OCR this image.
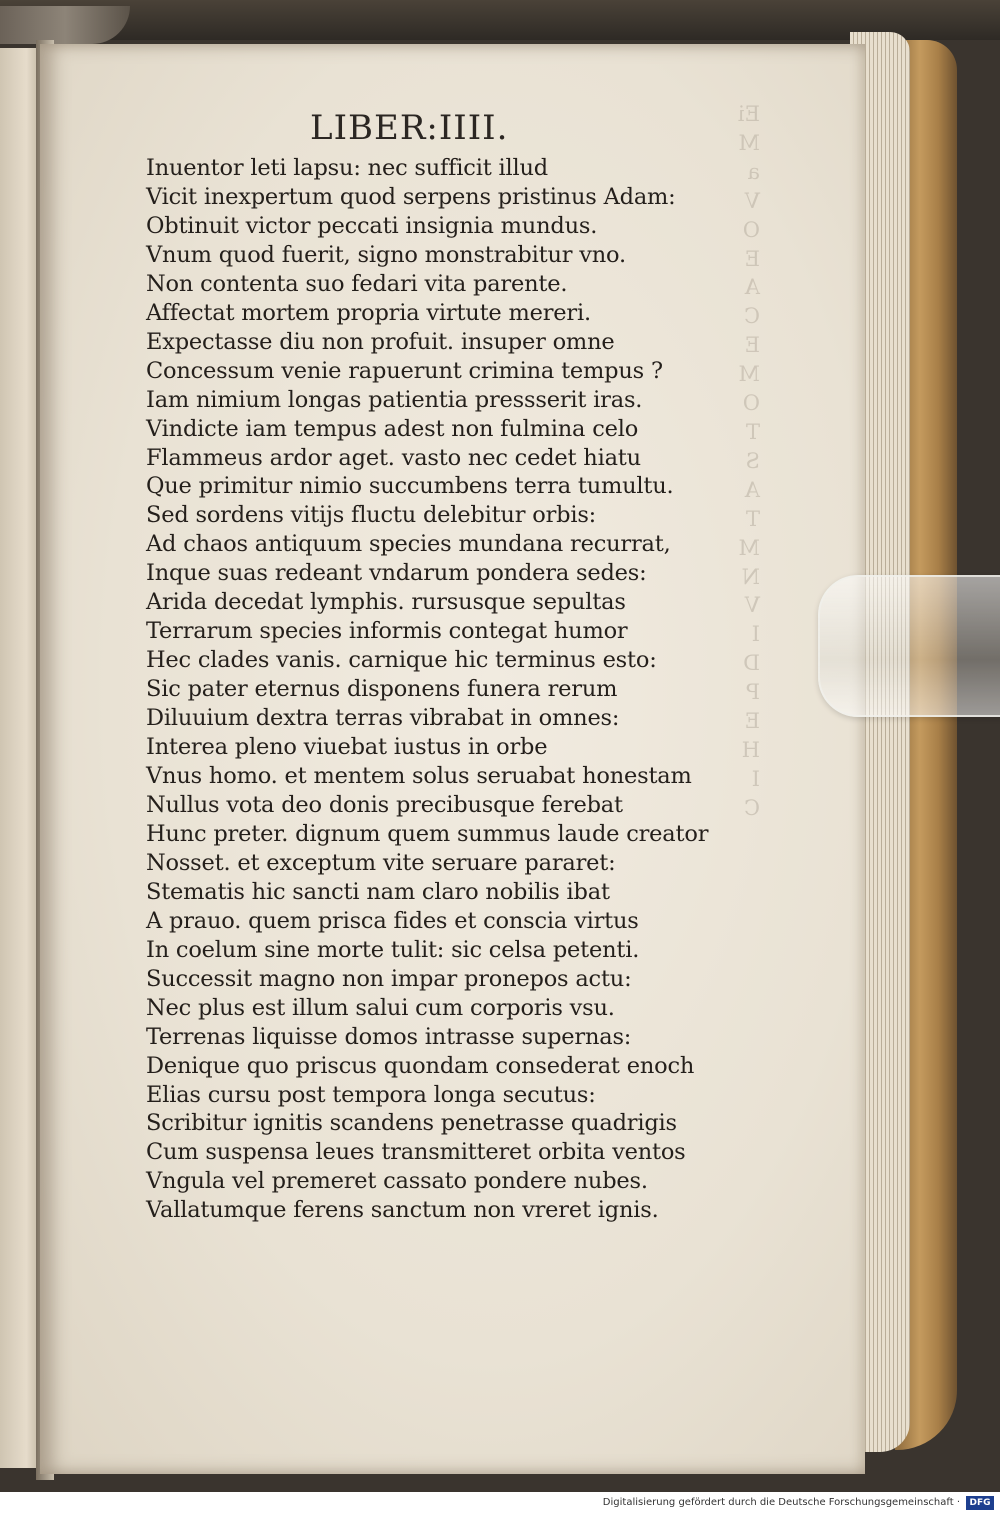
Ei
M
a
V
O
E
A
C
E
M
O
T
S
A
T
M
N
V
I
D
P
E
H
I
C
LIBER:IIII.
Inuentor leti lapsu: nec sufficit illud
Vicit inexpertum quod serpens pristinus Adam:
Obtinuit victor peccati insignia mundus.
Vnum quod fuerit, signo monstrabitur vno.
Non contenta suo fedari vita parente.
Affectat mortem propria virtute mereri.
Expectasse diu non profuit. insuper omne
Concessum venie rapuerunt crimina tempus ?
Iam nimium longas patientia pressserit iras.
Vindicte iam tempus adest non fulmina celo
Flammeus ardor aget. vasto nec cedet hiatu
Que primitur nimio succumbens terra tumultu.
Sed sordens vitijs fluctu delebitur orbis:
Ad chaos antiquum species mundana recurrat,
Inque suas redeant vndarum pondera sedes:
Arida decedat lymphis. rursusque sepultas
Terrarum species informis contegat humor
Hec clades vanis. carnique hic terminus esto:
Sic pater eternus disponens funera rerum
Diluuium dextra terras vibrabat in omnes:
Interea pleno viuebat iustus in orbe
Vnus homo. et mentem solus seruabat honestam
Nullus vota deo donis precibusque ferebat
Hunc preter. dignum quem summus laude creator
Nosset. et exceptum vite seruare pararet:
Stematis hic sancti nam claro nobilis ibat
A prauo. quem prisca fides et conscia virtus
In coelum sine morte tulit: sic celsa petenti.
Successit magno non impar pronepos actu:
Nec plus est illum salui cum corporis vsu.
Terrenas liquisse domos intrasse supernas:
Denique quo priscus quondam consederat enoch
Elias cursu post tempora longa secutus:
Scribitur ignitis scandens penetrasse quadrigis
Cum suspensa leues transmitteret orbita ventos
Vngula vel premeret cassato pondere nubes.
Vallatumque ferens sanctum non vreret ignis.
Digitalisierung gefördert durch die Deutsche Forschungsgemeinschaft ·	DFG
